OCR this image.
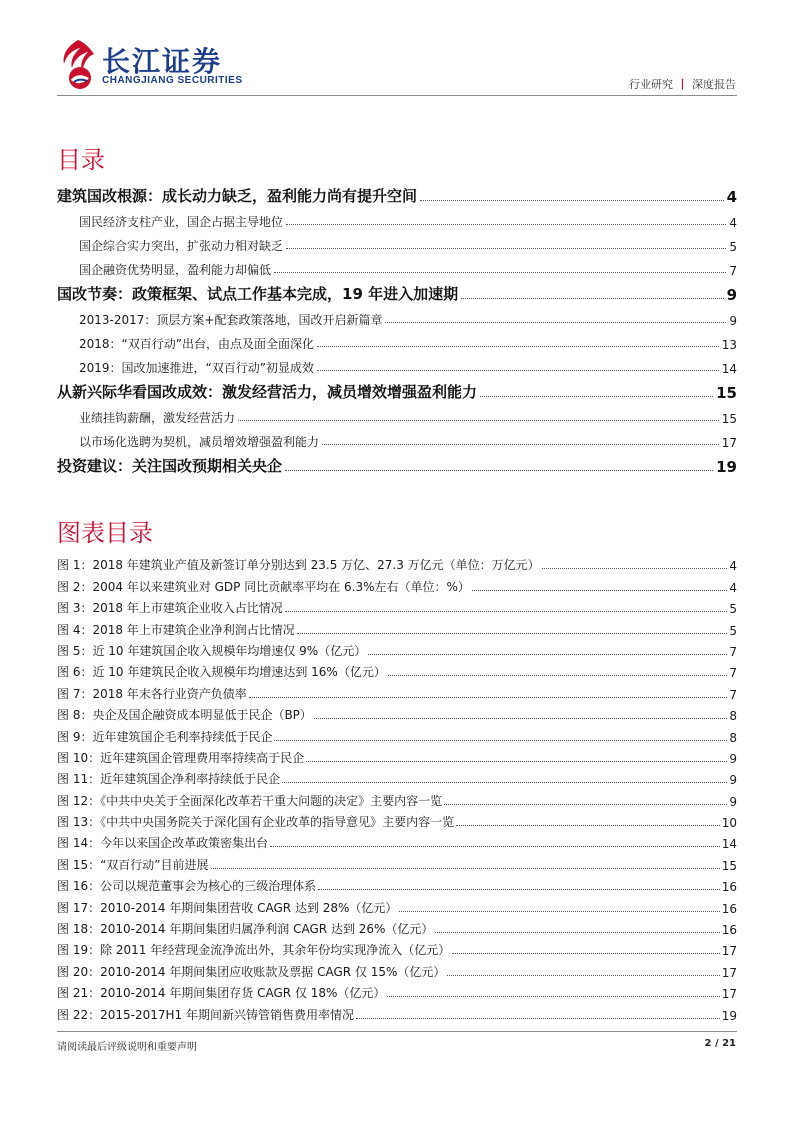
长江证券
CHANGJIANG SECURITIES	行业研究 丨 深度报告
目录
建筑国改根源：成长动力缺乏，盈利能力尚有提升空间	4
国民经济支柱产业，国企占据主导地位	4
国企综合实力突出，扩张动力相对缺乏	5
国企融资优势明显，盈利能力却偏低	7
国改节奏：政策框架、试点工作基本完成，19 年进入加速期	9
2013-2017：顶层方案+配套政策落地，国改开启新篇章	9
2018：“双百行动”出台，由点及面全面深化	13
2019：国改加速推进，“双百行动”初显成效	14
从新兴际华看国改成效：激发经营活力，减员增效增强盈利能力	15
业绩挂钩薪酬，激发经营活力	15
以市场化选聘为契机，减员增效增强盈利能力	17
投资建议：关注国改预期相关央企	19
图表目录
图 1：2018 年建筑业产值及新签订单分别达到 23.5 万亿、27.3 万亿元（单位：万亿元）	4
图 2：2004 年以来建筑业对 GDP 同比贡献率平均在 6.3%左右（单位：%）	4
图 3：2018 年上市建筑企业收入占比情况	5
图 4：2018 年上市建筑企业净利润占比情况	5
图 5：近 10 年建筑国企收入规模年均增速仅 9%（亿元）	7
图 6：近 10 年建筑民企收入规模年均增速达到 16%（亿元）	7
图 7：2018 年末各行业资产负债率	7
图 8：央企及国企融资成本明显低于民企（BP）	8
图 9：近年建筑国企毛利率持续低于民企	8
图 10：近年建筑国企管理费用率持续高于民企	9
图 11：近年建筑国企净利率持续低于民企	9
图 12：《中共中央关于全面深化改革若干重大问题的决定》主要内容一览	9
图 13：《中共中央国务院关于深化国有企业改革的指导意见》主要内容一览	10
图 14：今年以来国企改革政策密集出台	14
图 15：“双百行动”目前进展	15
图 16：公司以规范董事会为核心的三级治理体系	16
图 17：2010-2014 年期间集团营收 CAGR 达到 28%（亿元）	16
图 18：2010-2014 年期间集团归属净利润 CAGR 达到 26%（亿元）	16
图 19：除 2011 年经营现金流净流出外，其余年份均实现净流入（亿元）	17
图 20：2010-2014 年期间集团应收账款及票据 CAGR 仅 15%（亿元）	17
图 21：2010-2014 年期间集团存货 CAGR 仅 18%（亿元）	17
图 22：2015-2017H1 年期间新兴铸管销售费用率情况	19
请阅读最后评级说明和重要声明	2 / 21
